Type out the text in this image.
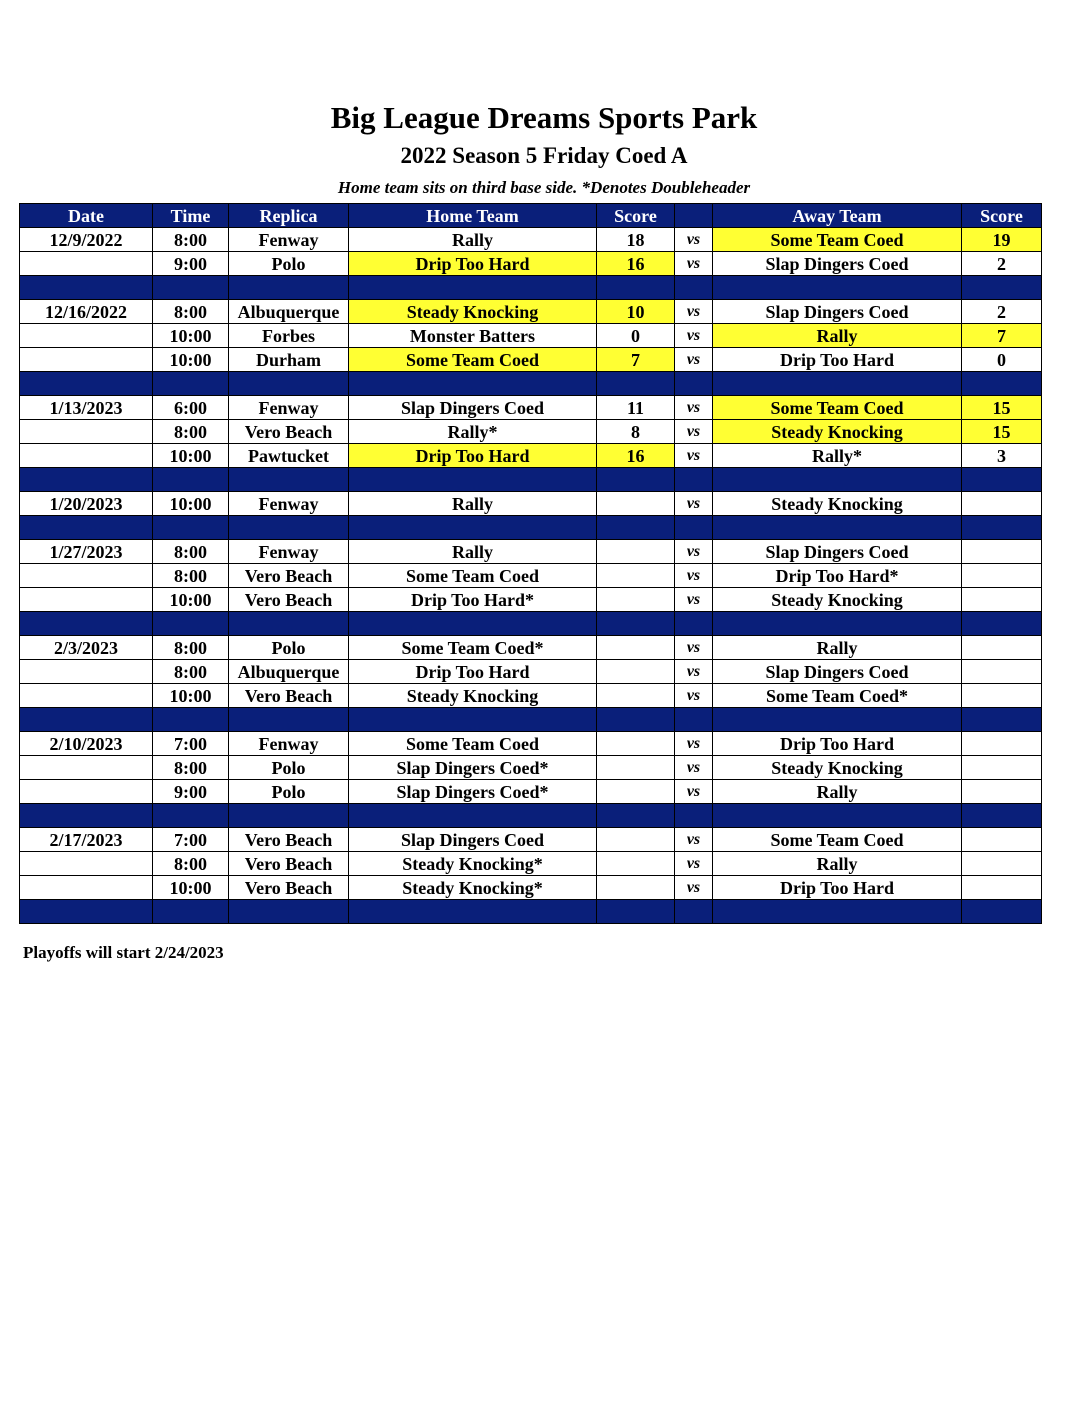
Big League Dreams Sports Park
2022 Season 5 Friday Coed A
Home team sits on third base side. *Denotes Doubleheader
Date	Time	Replica	Home Team	Score		Away Team	Score
12/9/2022	8:00	Fenway	Rally	18	vs	Some Team Coed	19
	9:00	Polo	Drip Too Hard	16	vs	Slap Dingers Coed	2

12/16/2022	8:00	Albuquerque	Steady Knocking	10	vs	Slap Dingers Coed	2
	10:00	Forbes	Monster Batters	0	vs	Rally	7
	10:00	Durham	Some Team Coed	7	vs	Drip Too Hard	0

1/13/2023	6:00	Fenway	Slap Dingers Coed	11	vs	Some Team Coed	15
	8:00	Vero Beach	Rally*	8	vs	Steady Knocking	15
	10:00	Pawtucket	Drip Too Hard	16	vs	Rally*	3

1/20/2023	10:00	Fenway	Rally		vs	Steady Knocking	

1/27/2023	8:00	Fenway	Rally		vs	Slap Dingers Coed	
	8:00	Vero Beach	Some Team Coed		vs	Drip Too Hard*	
	10:00	Vero Beach	Drip Too Hard*		vs	Steady Knocking	

2/3/2023	8:00	Polo	Some Team Coed*		vs	Rally	
	8:00	Albuquerque	Drip Too Hard		vs	Slap Dingers Coed	
	10:00	Vero Beach	Steady Knocking		vs	Some Team Coed*	

2/10/2023	7:00	Fenway	Some Team Coed		vs	Drip Too Hard	
	8:00	Polo	Slap Dingers Coed*		vs	Steady Knocking	
	9:00	Polo	Slap Dingers Coed*		vs	Rally	

2/17/2023	7:00	Vero Beach	Slap Dingers Coed		vs	Some Team Coed	
	8:00	Vero Beach	Steady Knocking*		vs	Rally	
	10:00	Vero Beach	Steady Knocking*		vs	Drip Too Hard	

Playoffs will start 2/24/2023
